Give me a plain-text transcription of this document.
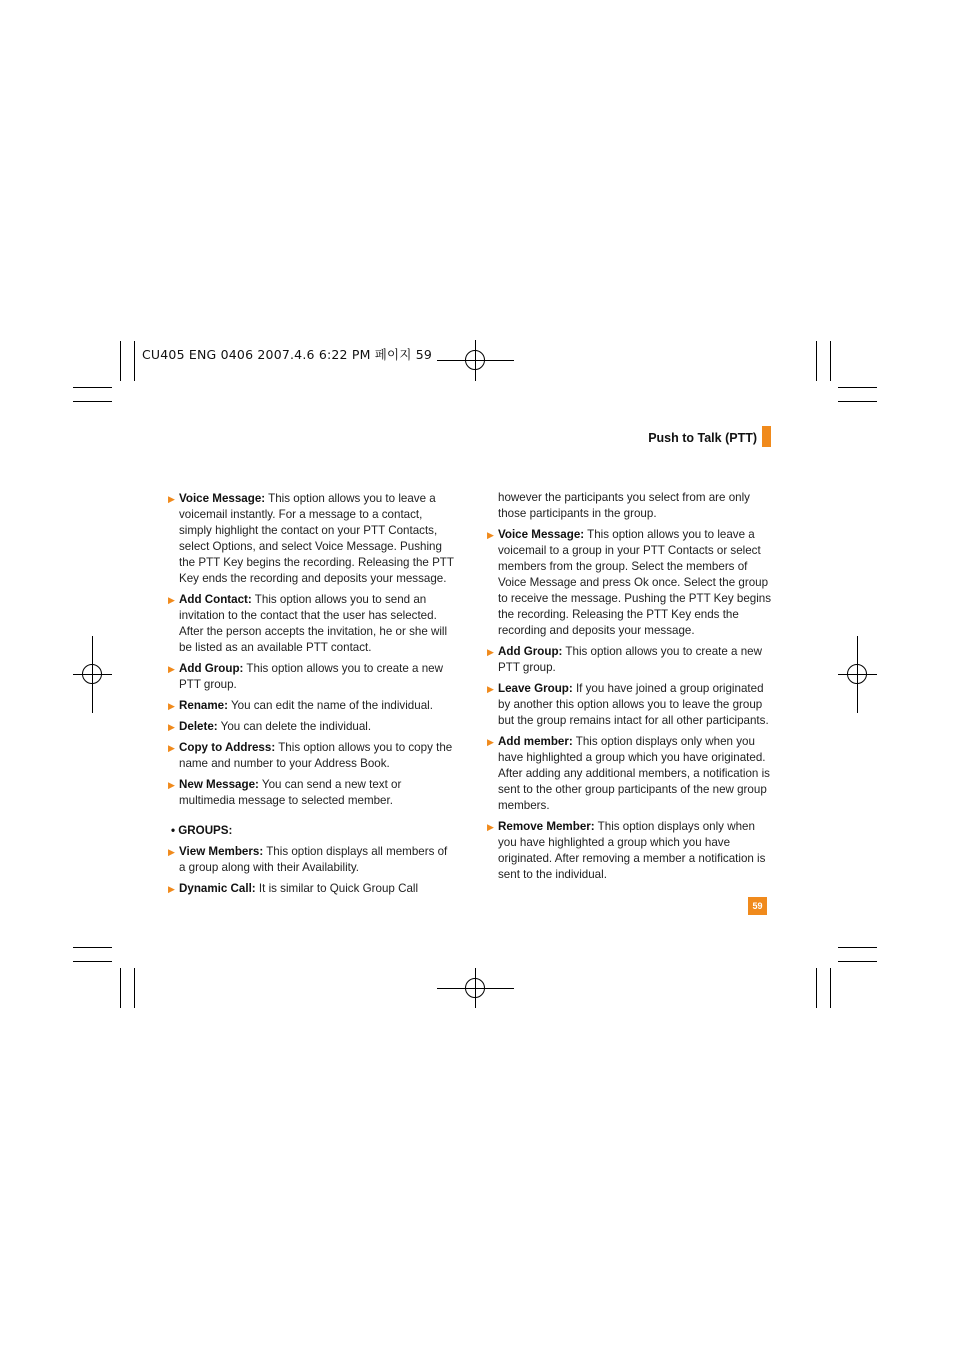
CU405 ENG 0406 2007.4.6 6:22 PM 페이지 59
Push to Talk (PTT)
▶ Voice Message: This option allows you to leave a voicemail instantly. For a message to a contact, simply highlight the contact on your PTT Contacts, select Options, and select Voice Message. Pushing the PTT Key begins the recording. Releasing the PTT Key ends the recording and deposits your message.
▶ Add Contact: This option allows you to send an invitation to the contact that the user has selected. After the person accepts the invitation, he or she will be listed as an available PTT contact.
▶ Add Group: This option allows you to create a new PTT group.
▶ Rename: You can edit the name of the individual.
▶ Delete: You can delete the individual.
▶ Copy to Address: This option allows you to copy the name and number to your Address Book.
▶ New Message: You can send a new text or multimedia message to selected member.
• GROUPS:
▶ View Members: This option displays all members of a group along with their Availability.
▶ Dynamic Call: It is similar to Quick Group Call
however the participants you select from are only those participants in the group.
▶ Voice Message: This option allows you to leave a voicemail to a group in your PTT Contacts or select members from the group. Select the members of Voice Message and press Ok once. Select the group to receive the message. Pushing the PTT Key begins the recording. Releasing the PTT Key ends the recording and deposits your message.
▶ Add Group: This option allows you to create a new PTT group.
▶ Leave Group: If you have joined a group originated by another this option allows you to leave the group but the group remains intact for all other participants.
▶ Add member: This option displays only when you have highlighted a group which you have originated. After adding any additional members, a notification is sent to the other group participants of the new group members.
▶ Remove Member: This option displays only when you have highlighted a group which you have originated. After removing a member a notification is sent to the individual.
59
